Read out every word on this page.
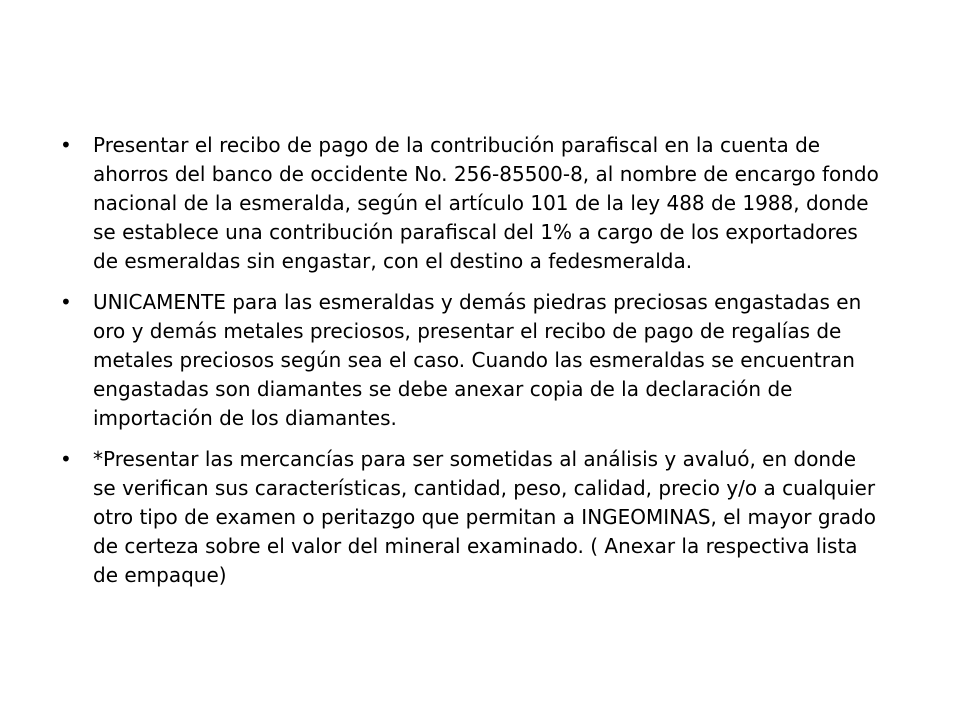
•	Presentar el recibo de pago de la contribución parafiscal en la cuenta de ahorros del banco de occidente No. 256-85500-8, al nombre de encargo fondo nacional de la esmeralda, según el artículo 101 de la ley 488 de 1988, donde se establece una contribución parafiscal del 1% a cargo de los exportadores de esmeraldas sin engastar, con el destino a fedesmeralda.
•	UNICAMENTE para las esmeraldas y demás piedras preciosas engastadas en oro y demás metales preciosos, presentar el recibo de pago de regalías de metales preciosos según sea el caso. Cuando las esmeraldas se encuentran engastadas son diamantes se debe anexar copia de la declaración de importación de los diamantes.
•	*Presentar las mercancías para ser sometidas al análisis y avaluó, en donde se verifican sus características, cantidad, peso, calidad, precio y/o a cualquier otro tipo de examen o peritazgo que permitan a INGEOMINAS, el mayor grado de certeza sobre el valor del mineral examinado. ( Anexar la respectiva lista de empaque)
